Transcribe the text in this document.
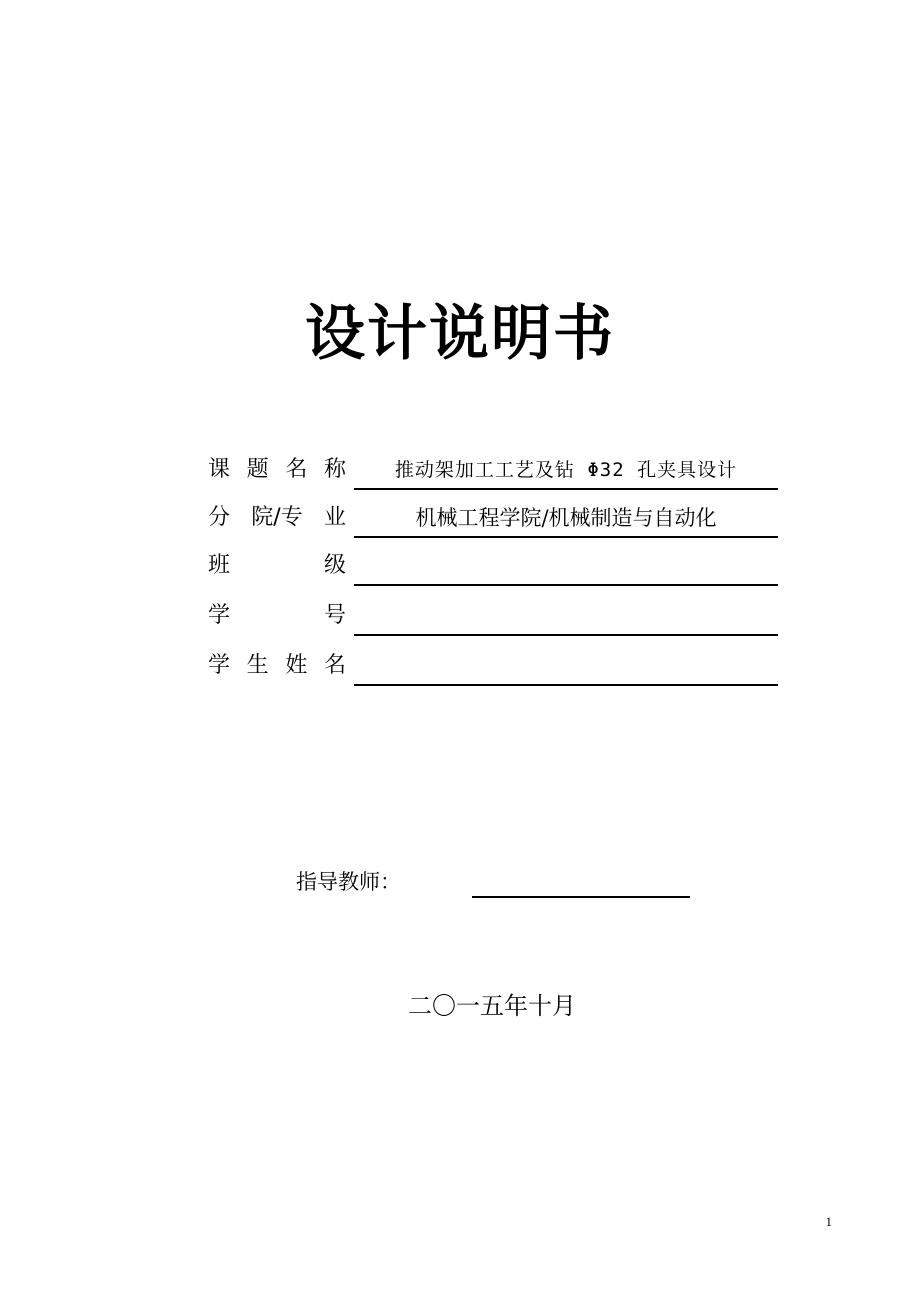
设计说明书
课 题 名 称	推动架加工工艺及钻 Φ32 孔夹具设计
分 院/专 业	机械工程学院/机械制造与自动化
班	级
学	号
学 生 姓 名
指导教师：
二〇一五年十月
1
